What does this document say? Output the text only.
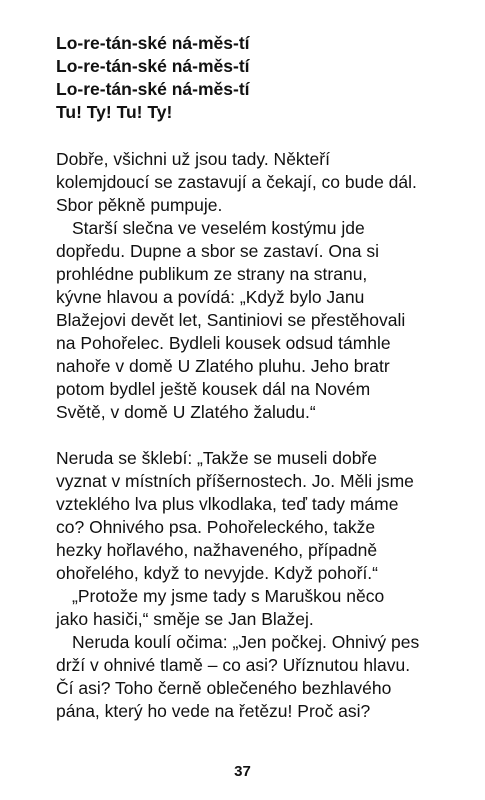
Lo-re-tán-ské ná-měs-tí
Lo-re-tán-ské ná-měs-tí
Lo-re-tán-ské ná-měs-tí
Tu! Ty! Tu! Ty!
Dobře, všichni už jsou tady. Někteří
kolemjdoucí se zastavují a čekají, co bude dál.
Sbor pěkně pumpuje.
Starší slečna ve veselém kostýmu jde
dopředu. Dupne a sbor se zastaví. Ona si
prohlédne publikum ze strany na stranu,
kývne hlavou a povídá: „Když bylo Janu
Blažejovi devět let, Santiniovi se přestěhovali
na Pohořelec. Bydleli kousek odsud támhle
nahoře v domě U Zlatého pluhu. Jeho bratr
potom bydlel ještě kousek dál na Novém
Světě, v domě U Zlatého žaludu.“
Neruda se šklebí: „Takže se museli dobře
vyznat v místních příšernostech. Jo. Měli jsme
vzteklého lva plus vlkodlaka, teď tady máme
co? Ohnivého psa. Pohořeleckého, takže
hezky hořlavého, nažhaveného, případně
ohořelého, když to nevyjde. Když pohoří.“
„Protože my jsme tady s Maruškou něco
jako hasiči,“ směje se Jan Blažej.
Neruda koulí očima: „Jen počkej. Ohnivý pes
drží v ohnivé tlamě – co asi? Uříznutou hlavu.
Čí asi? Toho černě oblečeného bezhlavého
pána, který ho vede na řetězu! Proč asi?
37
